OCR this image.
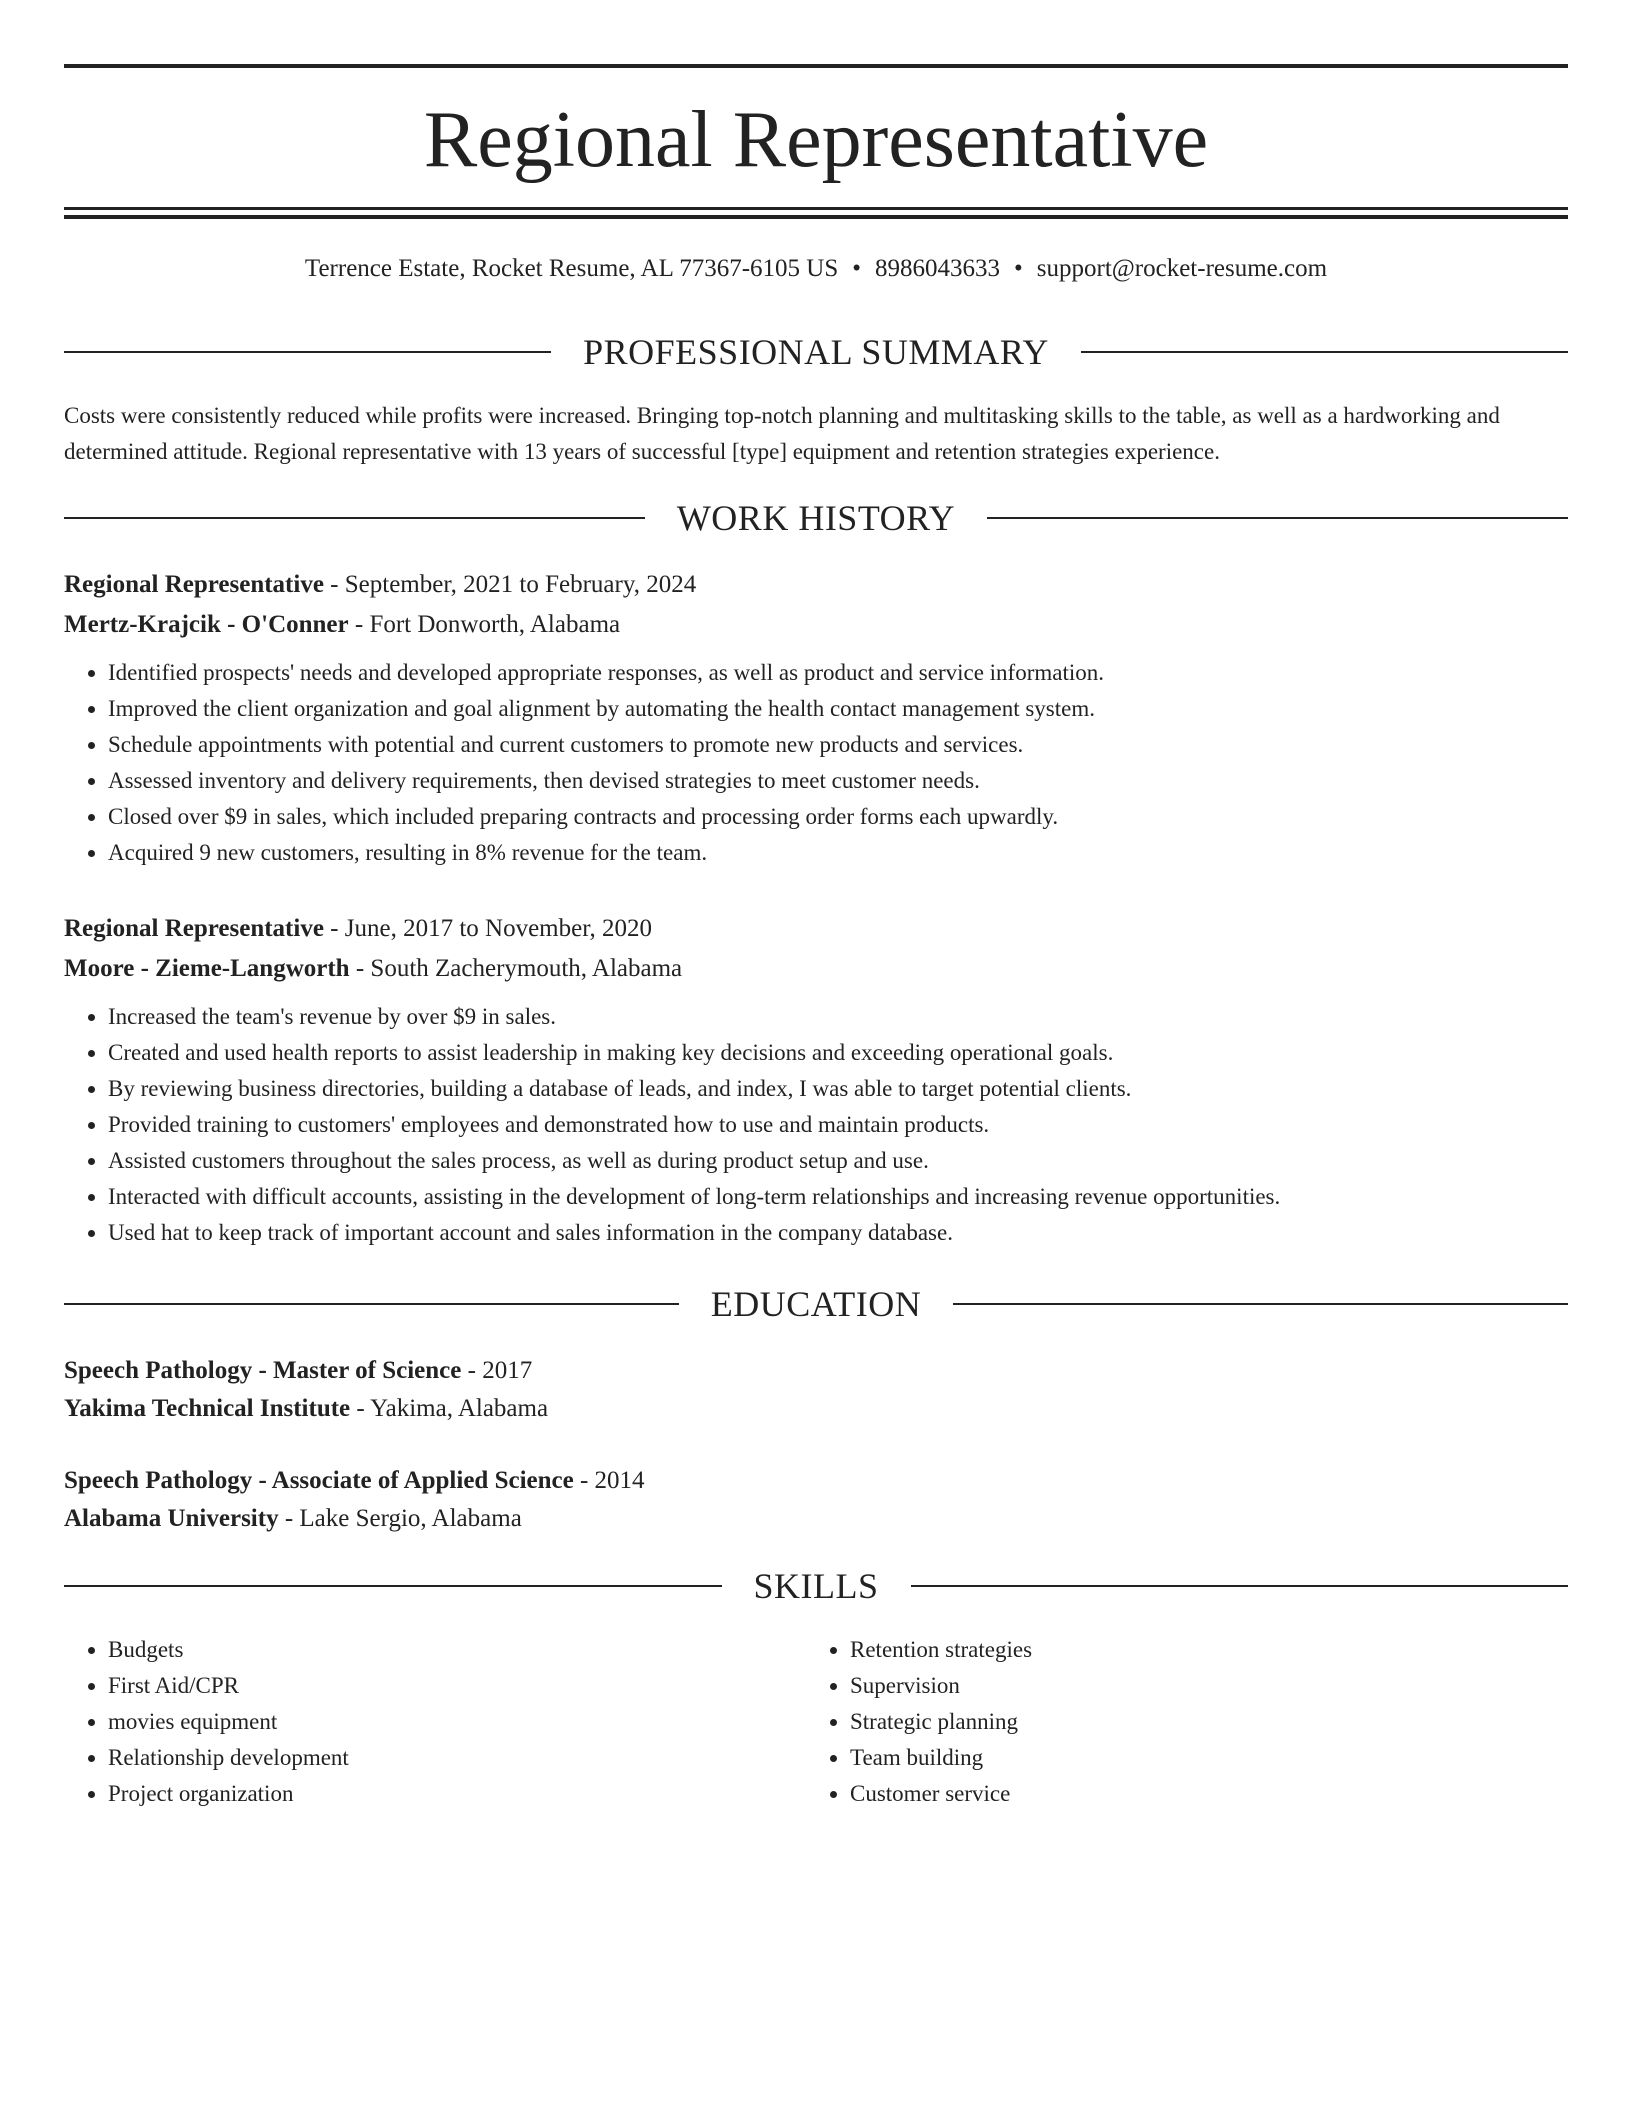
Regional Representative
Terrence Estate, Rocket Resume, AL 77367-6105 US • 8986043633 • support@rocket-resume.com
PROFESSIONAL SUMMARY

Costs were consistently reduced while profits were increased. Bringing top-notch planning and multitasking skills to the table, as well as a hardworking and determined attitude. Regional representative with 13 years of successful [type] equipment and retention strategies experience.

WORK HISTORY
Regional Representative - September, 2021 to February, 2024
Mertz-Krajcik - O'Conner - Fort Donworth, Alabama
• Identified prospects' needs and developed appropriate responses, as well as product and service information.
• Improved the client organization and goal alignment by automating the health contact management system.
• Schedule appointments with potential and current customers to promote new products and services.
• Assessed inventory and delivery requirements, then devised strategies to meet customer needs.
• Closed over $9 in sales, which included preparing contracts and processing order forms each upwardly.
• Acquired 9 new customers, resulting in 8% revenue for the team.
Regional Representative - June, 2017 to November, 2020
Moore - Zieme-Langworth - South Zacherymouth, Alabama
• Increased the team's revenue by over $9 in sales.
• Created and used health reports to assist leadership in making key decisions and exceeding operational goals.
• By reviewing business directories, building a database of leads, and index, I was able to target potential clients.
• Provided training to customers' employees and demonstrated how to use and maintain products.
• Assisted customers throughout the sales process, as well as during product setup and use.
• Interacted with difficult accounts, assisting in the development of long-term relationships and increasing revenue opportunities.
• Used hat to keep track of important account and sales information in the company database.
EDUCATION
Speech Pathology - Master of Science - 2017
Yakima Technical Institute - Yakima, Alabama
Speech Pathology - Associate of Applied Science - 2014
Alabama University - Lake Sergio, Alabama
SKILLS
• Budgets
• First Aid/CPR
• movies equipment
• Relationship development
• Project organization
• Retention strategies
• Supervision
• Strategic planning
• Team building
• Customer service
